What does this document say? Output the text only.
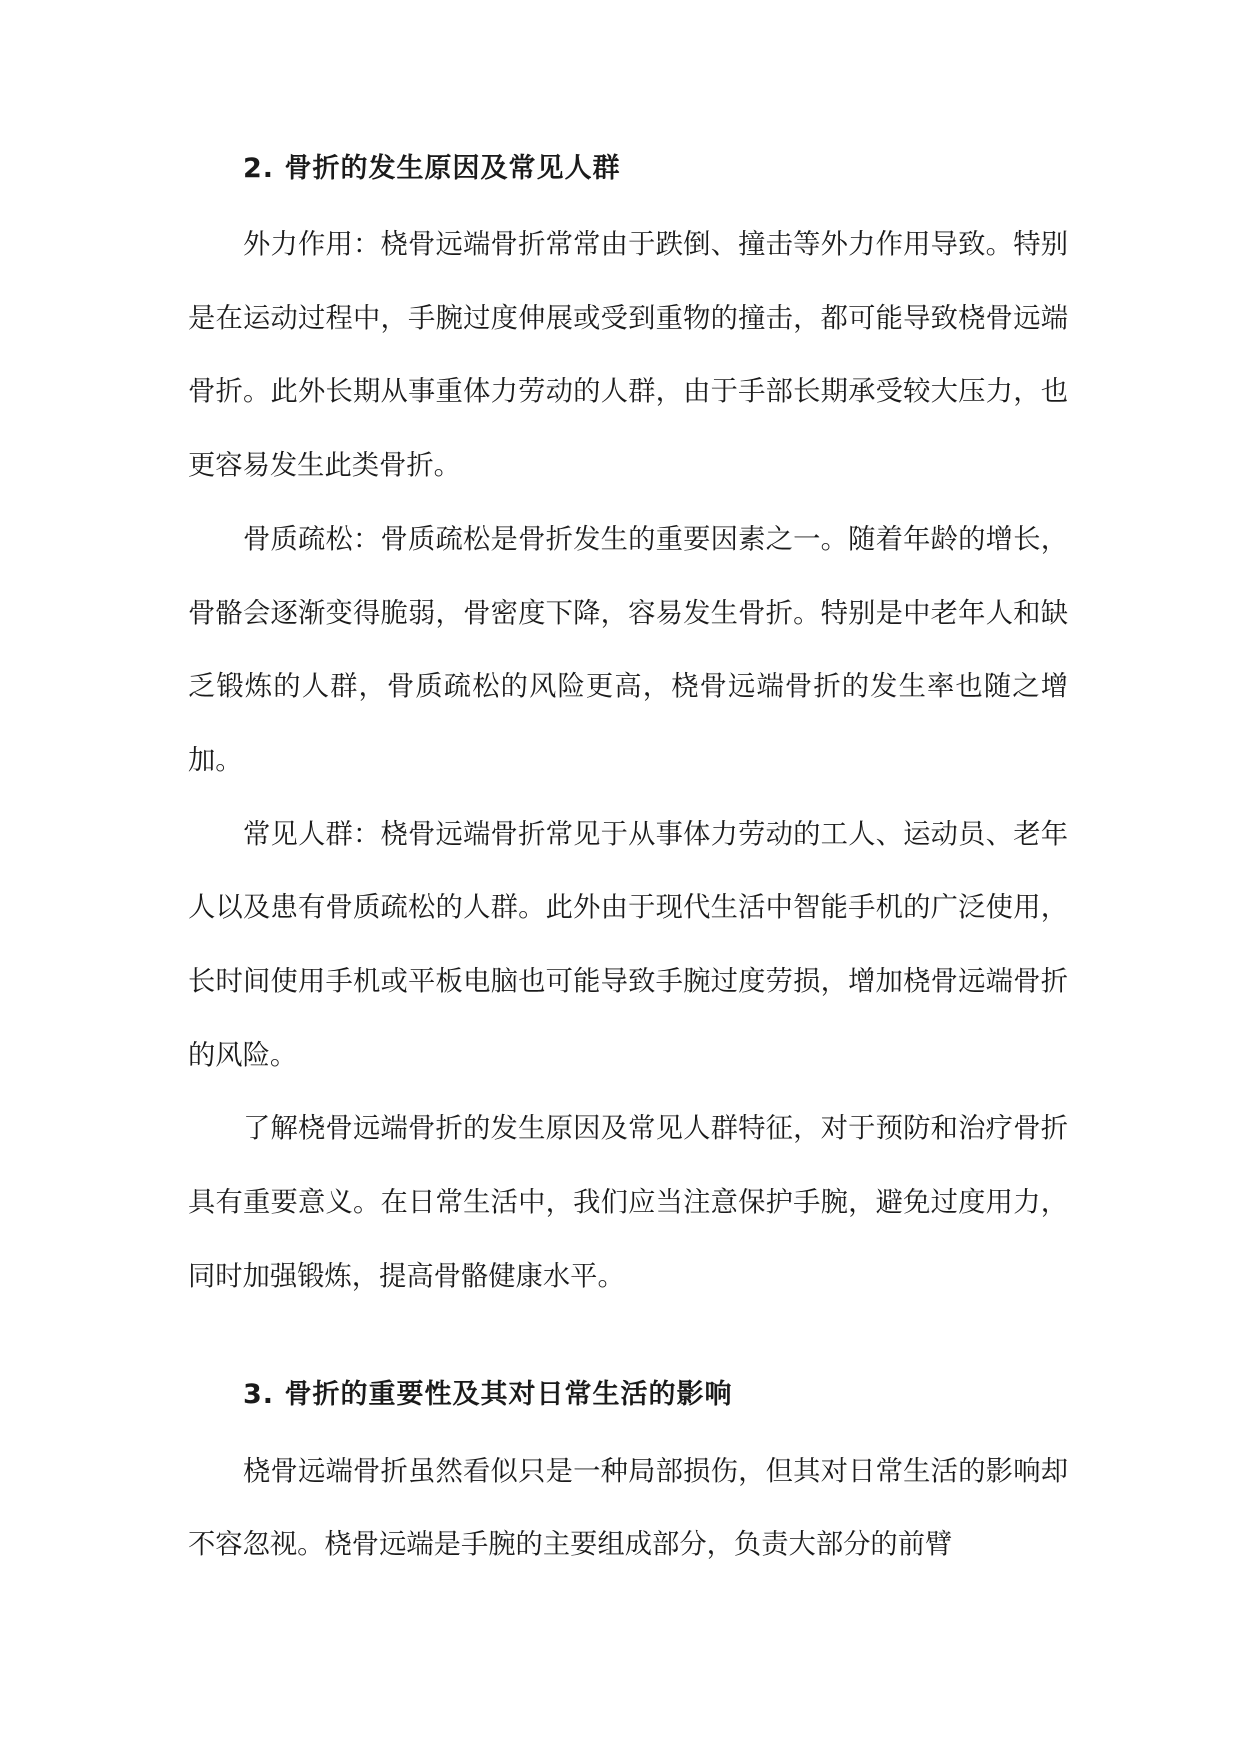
2. 骨折的发生原因及常见人群

外力作用：桡骨远端骨折常常由于跌倒、撞击等外力作用导致。特别是在运动过程中，手腕过度伸展或受到重物的撞击，都可能导致桡骨远端骨折。此外长期从事重体力劳动的人群，由于手部长期承受较大压力，也更容易发生此类骨折。

骨质疏松：骨质疏松是骨折发生的重要因素之一。随着年龄的增长，骨骼会逐渐变得脆弱，骨密度下降，容易发生骨折。特别是中老年人和缺乏锻炼的人群，骨质疏松的风险更高，桡骨远端骨折的发生率也随之增加。

常见人群：桡骨远端骨折常见于从事体力劳动的工人、运动员、老年人以及患有骨质疏松的人群。此外由于现代生活中智能手机的广泛使用，长时间使用手机或平板电脑也可能导致手腕过度劳损，增加桡骨远端骨折的风险。

了解桡骨远端骨折的发生原因及常见人群特征，对于预防和治疗骨折具有重要意义。在日常生活中，我们应当注意保护手腕，避免过度用力，同时加强锻炼，提高骨骼健康水平。

3. 骨折的重要性及其对日常生活的影响

桡骨远端骨折虽然看似只是一种局部损伤，但其对日常生活的影响却不容忽视。桡骨远端是手腕的主要组成部分，负责大部分的前臂
